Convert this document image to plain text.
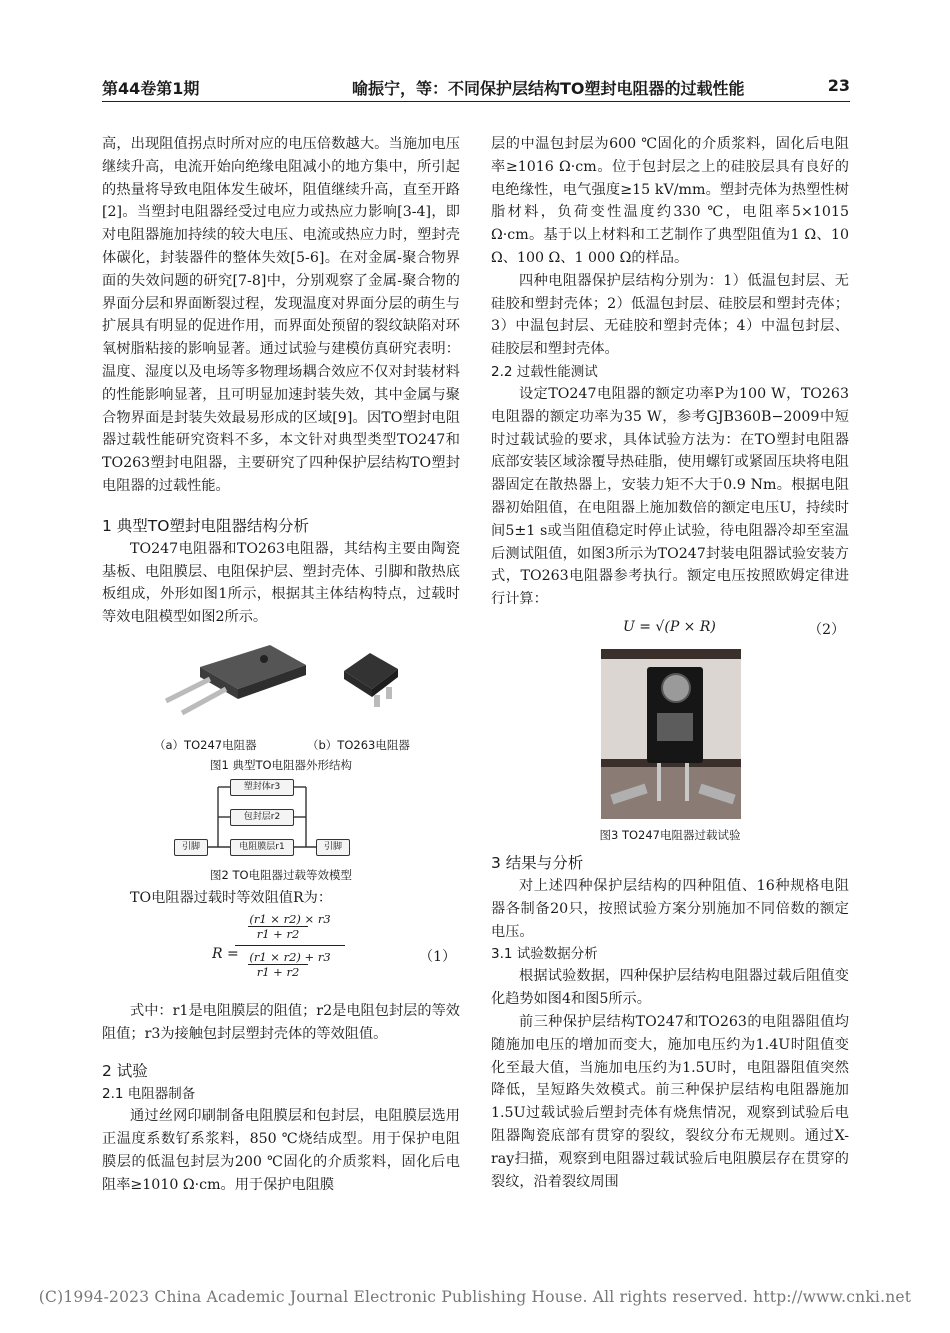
第44卷第1期	喻振宁，等：不同保护层结构TO塑封电阻器的过载性能	23

高，出现阻值拐点时所对应的电压倍数越大。当施加电压继续升高，电流开始向绝缘电阻减小的地方集中，所引起的热量将导致电阻体发生破坏，阻值继续升高，直至开路[2]。当塑封电阻器经受过电应力或热应力影响[3-4]，即对电阻器施加持续的较大电压、电流或热应力时，塑封壳体碳化，封装器件的整体失效[5-6]。在对金属-聚合物界面的失效问题的研究[7-8]中，分别观察了金属-聚合物的界面分层和界面断裂过程，发现温度对界面分层的萌生与扩展具有明显的促进作用，而界面处预留的裂纹缺陷对环氧树脂粘接的影响显著。通过试验与建模仿真研究表明：温度、湿度以及电场等多物理场耦合效应不仅对封装材料的性能影响显著，且可明显加速封装失效，其中金属与聚合物界面是封装失效最易形成的区域[9]。因TO塑封电阻器过载性能研究资料不多，本文针对典型类型TO247和TO263塑封电阻器，主要研究了四种保护层结构TO塑封电阻器的过载性能。

1 典型TO塑封电阻器结构分析

TO247电阻器和TO263电阻器，其结构主要由陶瓷基板、电阻膜层、电阻保护层、塑封壳体、引脚和散热底板组成，外形如图1所示，根据其主体结构特点，过载时等效电阻模型如图2所示。

（a）TO247电阻器	（b）TO263电阻器

图1 典型TO电阻器外形结构

塑封体r3
包封层r2
电阻膜层r1
引脚	引脚

图2 TO电阻器过载等效模型

TO电阻器过载时等效阻值R为：

R =
(r1 × r2) × r3
r1 + r2
(r1 × r2) + r3
r1 + r2
（1）

式中：r1是电阻膜层的阻值；r2是电阻包封层的等效阻值；r3为接触包封层塑封壳体的等效阻值。

2 试验

2.1 电阻器制备

通过丝网印刷制备电阻膜层和包封层，电阻膜层选用正温度系数钌系浆料，850 ℃烧结成型。用于保护电阻膜层的低温包封层为200 ℃固化的介质浆料，固化后电阻率≥1010 Ω·cm。用于保护电阻膜

层的中温包封层为600 ℃固化的介质浆料，固化后电阻率≥1016 Ω·cm。位于包封层之上的硅胶层具有良好的电绝缘性，电气强度≥15 kV/mm。塑封壳体为热塑性树脂材料，负荷变性温度约330 ℃，电阻率5×1015 Ω·cm。基于以上材料和工艺制作了典型阻值为1 Ω、10 Ω、100 Ω、1 000 Ω的样品。

四种电阻器保护层结构分别为：1）低温包封层、无硅胶和塑封壳体；2）低温包封层、硅胶层和塑封壳体；3）中温包封层、无硅胶和塑封壳体；4）中温包封层、硅胶层和塑封壳体。

2.2 过载性能测试

设定TO247电阻器的额定功率P为100 W，TO263电阻器的额定功率为35 W，参考GJB360B−2009中短时过载试验的要求，具体试验方法为：在TO塑封电阻器底部安装区域涂覆导热硅脂，使用螺钉或紧固压块将电阻器固定在散热器上，安装力矩不大于0.9 Nm。根据电阻器初始阻值，在电阻器上施加数倍的额定电压U，持续时间5±1 s或当阻值稳定时停止试验，待电阻器冷却至室温后测试阻值，如图3所示为TO247封装电阻器试验安装方式，TO263电阻器参考执行。额定电压按照欧姆定律进行计算：

U = √(P × R)	（2）

图3 TO247电阻器过载试验

3 结果与分析

对上述四种保护层结构的四种阻值、16种规格电阻器各制备20只，按照试验方案分别施加不同倍数的额定电压。

3.1 试验数据分析

根据试验数据，四种保护层结构电阻器过载后阻值变化趋势如图4和图5所示。

前三种保护层结构TO247和TO263的电阻器阻值均随施加电压的增加而变大，施加电压约为1.4U时阻值变化至最大值，当施加电压约为1.5U时，电阻器阻值突然降低，呈短路失效模式。前三种保护层结构电阻器施加1.5U过载试验后塑封壳体有烧焦情况，观察到试验后电阻器陶瓷底部有贯穿的裂纹，裂纹分布无规则。通过X-ray扫描，观察到电阻器过载试验后电阻膜层存在贯穿的裂纹，沿着裂纹周围

(C)1994-2023 China Academic Journal Electronic Publishing House. All rights reserved. http://www.cnki.net
